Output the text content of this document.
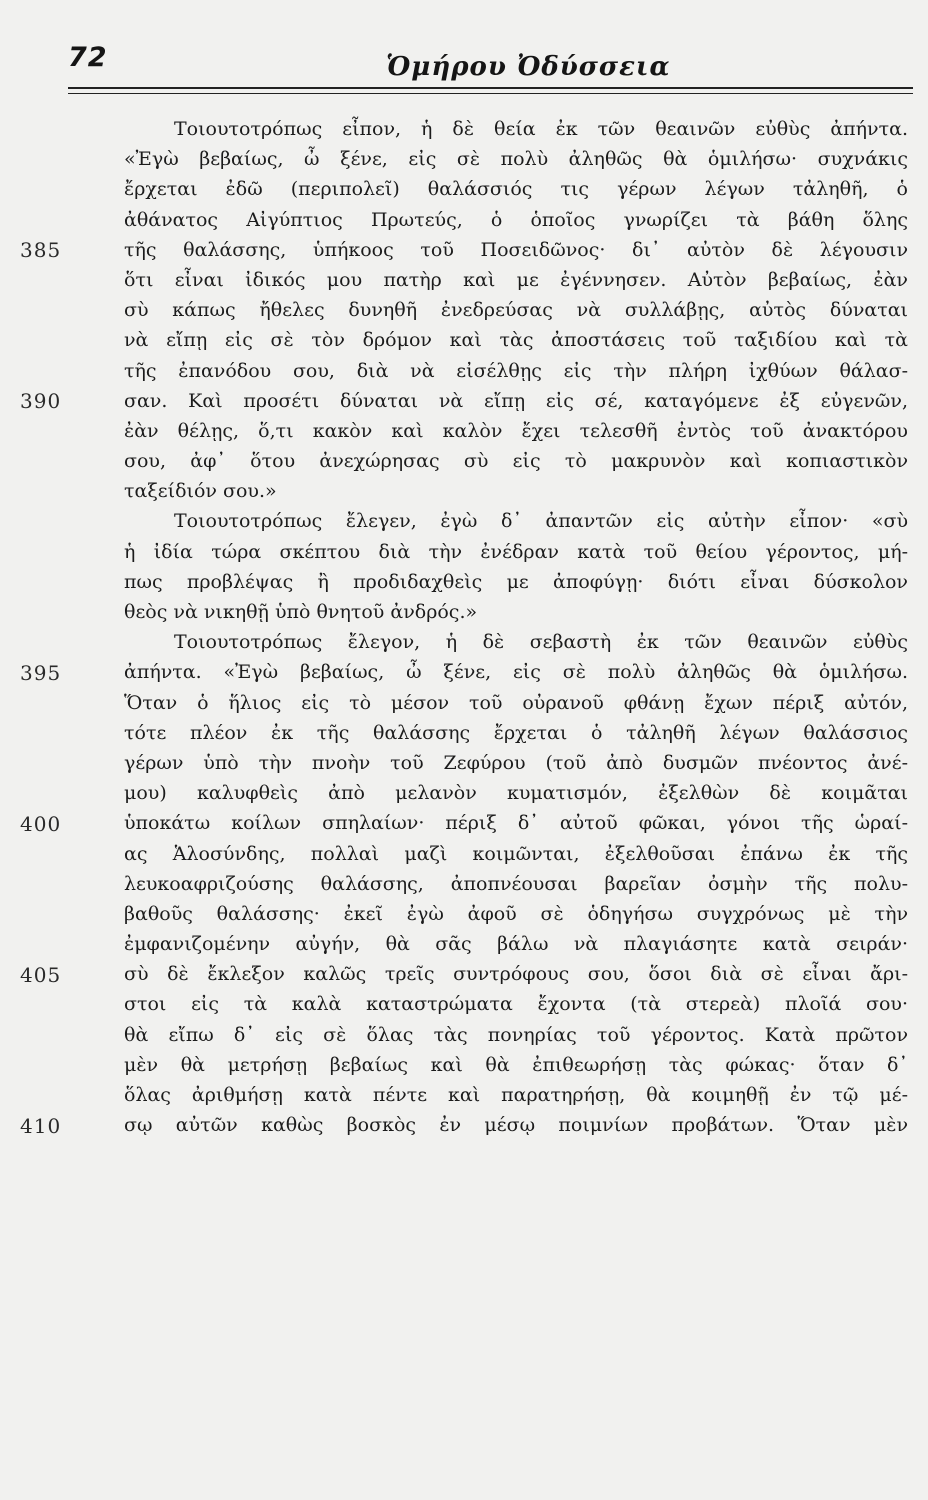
72	Ὁμήρου Ὀδύσσεια
385
390
395
400
405
410
Τοιουτοτρόπως εἶπον, ἡ δὲ θεία ἐκ τῶν θεαινῶν εὐθὺς ἀπήντα.
«Ἐγὼ βεβαίως, ὦ ξένε, εἰς σὲ πολὺ ἀληθῶς θὰ ὁμιλήσω· συχνάκις
ἔρχεται ἐδῶ (περιπολεῖ) θαλάσσιός τις γέρων λέγων τἀληθῆ, ὁ
ἀθάνατος Αἰγύπτιος Πρωτεύς, ὁ ὁποῖος γνωρίζει τὰ βάθη ὅλης
τῆς θαλάσσης, ὑπήκοος τοῦ Ποσειδῶνος· δι᾽ αὐτὸν δὲ λέγουσιν
ὅτι εἶναι ἰδικός μου πατὴρ καὶ με ἐγέννησεν. Αὐτὸν βεβαίως, ἐὰν
σὺ κάπως ἤθελες δυνηθῆ ἐνεδρεύσας νὰ συλλάβῃς, αὐτὸς δύναται
νὰ εἴπῃ εἰς σὲ τὸν δρόμον καὶ τὰς ἀποστάσεις τοῦ ταξιδίου καὶ τὰ
τῆς ἐπανόδου σου, διὰ νὰ εἰσέλθῃς εἰς τὴν πλήρη ἰχθύων θάλασ-
σαν. Καὶ προσέτι δύναται νὰ εἴπῃ εἰς σέ, καταγόμενε ἐξ εὐγενῶν,
ἐὰν θέλῃς, ὅ,τι κακὸν καὶ καλὸν ἔχει τελεσθῆ ἐντὸς τοῦ ἀνακτόρου
σου, ἀφ᾽ ὅτου ἀνεχώρησας σὺ εἰς τὸ μακρυνὸν καὶ κοπιαστικὸν
ταξείδιόν σου.»
Τοιουτοτρόπως ἔλεγεν, ἐγὼ δ᾽ ἀπαντῶν εἰς αὐτὴν εἶπον· «σὺ
ἡ ἰδία τώρα σκέπτου διὰ τὴν ἐνέδραν κατὰ τοῦ θείου γέροντος, μή-
πως προβλέψας ἢ προδιδαχθεὶς με ἀποφύγῃ· διότι εἶναι δύσκολον
θεὸς νὰ νικηθῇ ὑπὸ θνητοῦ ἀνδρός.»
Τοιουτοτρόπως ἔλεγον, ἡ δὲ σεβαστὴ ἐκ τῶν θεαινῶν εὐθὺς
ἀπήντα. «Ἐγὼ βεβαίως, ὦ ξένε, εἰς σὲ πολὺ ἀληθῶς θὰ ὁμιλήσω.
Ὅταν ὁ ἥλιος εἰς τὸ μέσον τοῦ οὐρανοῦ φθάνῃ ἔχων πέριξ αὐτόν,
τότε πλέον ἐκ τῆς θαλάσσης ἔρχεται ὁ τἀληθῆ λέγων θαλάσσιος
γέρων ὑπὸ τὴν πνοὴν τοῦ Ζεφύρου (τοῦ ἀπὸ δυσμῶν πνέοντος ἀνέ-
μου) καλυφθεὶς ἀπὸ μελανὸν κυματισμόν, ἐξελθὼν δὲ κοιμᾶται
ὑποκάτω κοίλων σπηλαίων· πέριξ δ᾽ αὐτοῦ φῶκαι, γόνοι τῆς ὡραί-
ας Ἁλοσύνδης, πολλαὶ μαζὶ κοιμῶνται, ἐξελθοῦσαι ἐπάνω ἐκ τῆς
λευκοαφριζούσης θαλάσσης, ἀποπνέουσαι βαρεῖαν ὀσμὴν τῆς πολυ-
βαθοῦς θαλάσσης· ἐκεῖ ἐγὼ ἀφοῦ σὲ ὁδηγήσω συγχρόνως μὲ τὴν
ἐμφανιζομένην αὐγήν, θὰ σᾶς βάλω νὰ πλαγιάσητε κατὰ σειράν·
σὺ δὲ ἔκλεξον καλῶς τρεῖς συντρόφους σου, ὅσοι διὰ σὲ εἶναι ἄρι-
στοι εἰς τὰ καλὰ καταστρώματα ἔχοντα (τὰ στερεὰ) πλοῖά σου·
θὰ εἴπω δ᾽ εἰς σὲ ὅλας τὰς πονηρίας τοῦ γέροντος. Κατὰ πρῶτον
μὲν θὰ μετρήσῃ βεβαίως καὶ θὰ ἐπιθεωρήσῃ τὰς φώκας· ὅταν δ᾽
ὅλας ἀριθμήσῃ κατὰ πέντε καὶ παρατηρήσῃ, θὰ κοιμηθῇ ἐν τῷ μέ-
σῳ αὐτῶν καθὼς βοσκὸς ἐν μέσῳ ποιμνίων προβάτων. Ὅταν μὲν
